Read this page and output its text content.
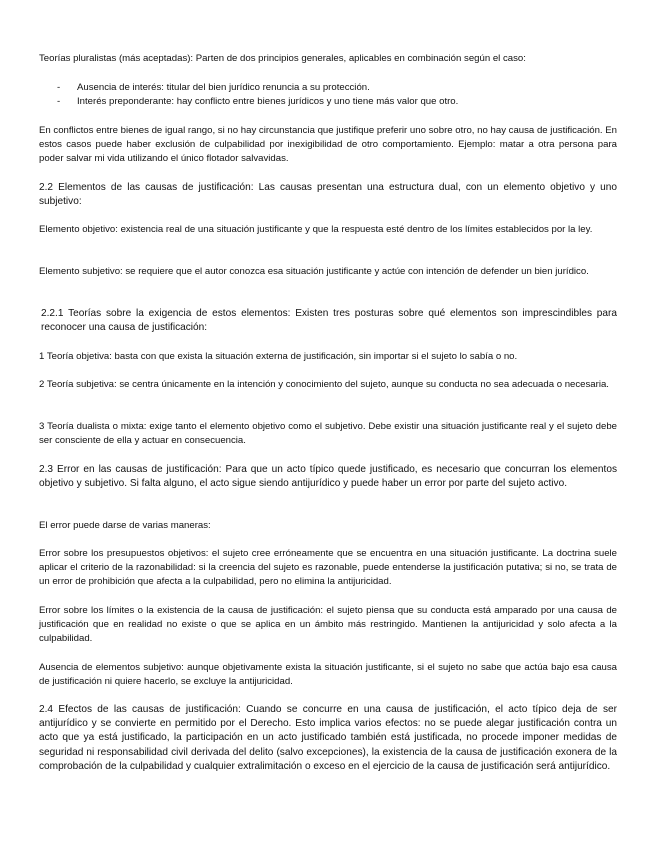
Teorías pluralistas (más aceptadas): Parten de dos principios generales, aplicables en combinación según el caso:

- Ausencia de interés: titular del bien jurídico renuncia a su protección.
- Interés preponderante: hay conflicto entre bienes jurídicos y uno tiene más valor que otro.

En conflictos entre bienes de igual rango, si no hay circunstancia que justifique preferir uno sobre otro, no hay causa de justificación. En estos casos puede haber exclusión de culpabilidad por inexigibilidad de otro comportamiento. Ejemplo: matar a otra persona para poder salvar mi vida utilizando el único flotador salvavidas.

2.2 Elementos de las causas de justificación: Las causas presentan una estructura dual, con un elemento objetivo y uno subjetivo:

Elemento objetivo: existencia real de una situación justificante y que la respuesta esté dentro de los límites establecidos por la ley.

Elemento subjetivo: se requiere que el autor conozca esa situación justificante y actúe con intención de defender un bien jurídico.

2.2.1 Teorías sobre la exigencia de estos elementos: Existen tres posturas sobre qué elementos son imprescindibles para reconocer una causa de justificación:

1 Teoría objetiva: basta con que exista la situación externa de justificación, sin importar si el sujeto lo sabía o no.

2 Teoría subjetiva: se centra únicamente en la intención y conocimiento del sujeto, aunque su conducta no sea adecuada o necesaria.

3 Teoría dualista o mixta: exige tanto el elemento objetivo como el subjetivo. Debe existir una situación justificante real y el sujeto debe ser consciente de ella y actuar en consecuencia.

2.3 Error en las causas de justificación: Para que un acto típico quede justificado, es necesario que concurran los elementos objetivo y subjetivo. Si falta alguno, el acto sigue siendo antijurídico y puede haber un error por parte del sujeto activo.

El error puede darse de varias maneras:

Error sobre los presupuestos objetivos: el sujeto cree erróneamente que se encuentra en una situación justificante. La doctrina suele aplicar el criterio de la razonabilidad: si la creencia del sujeto es razonable, puede entenderse la justificación putativa; si no, se trata de un error de prohibición que afecta a la culpabilidad, pero no elimina la antijuricidad.

Error sobre los límites o la existencia de la causa de justificación: el sujeto piensa que su conducta está amparado por una causa de justificación que en realidad no existe o que se aplica en un ámbito más restringido. Mantienen la antijuricidad y solo afecta a la culpabilidad.

Ausencia de elementos subjetivo: aunque objetivamente exista la situación justificante, si el sujeto no sabe que actúa bajo esa causa de justificación ni quiere hacerlo, se excluye la antijuricidad.

2.4 Efectos de las causas de justificación: Cuando se concurre en una causa de justificación, el acto típico deja de ser antijurídico y se convierte en permitido por el Derecho. Esto implica varios efectos: no se puede alegar justificación contra un acto que ya está justificado, la participación en un acto justificado también está justificada, no procede imponer medidas de seguridad ni responsabilidad civil derivada del delito (salvo excepciones), la existencia de la causa de justificación exonera de la comprobación de la culpabilidad y cualquier extralimitación o exceso en el ejercicio de la causa de justificación será antijurídico.
